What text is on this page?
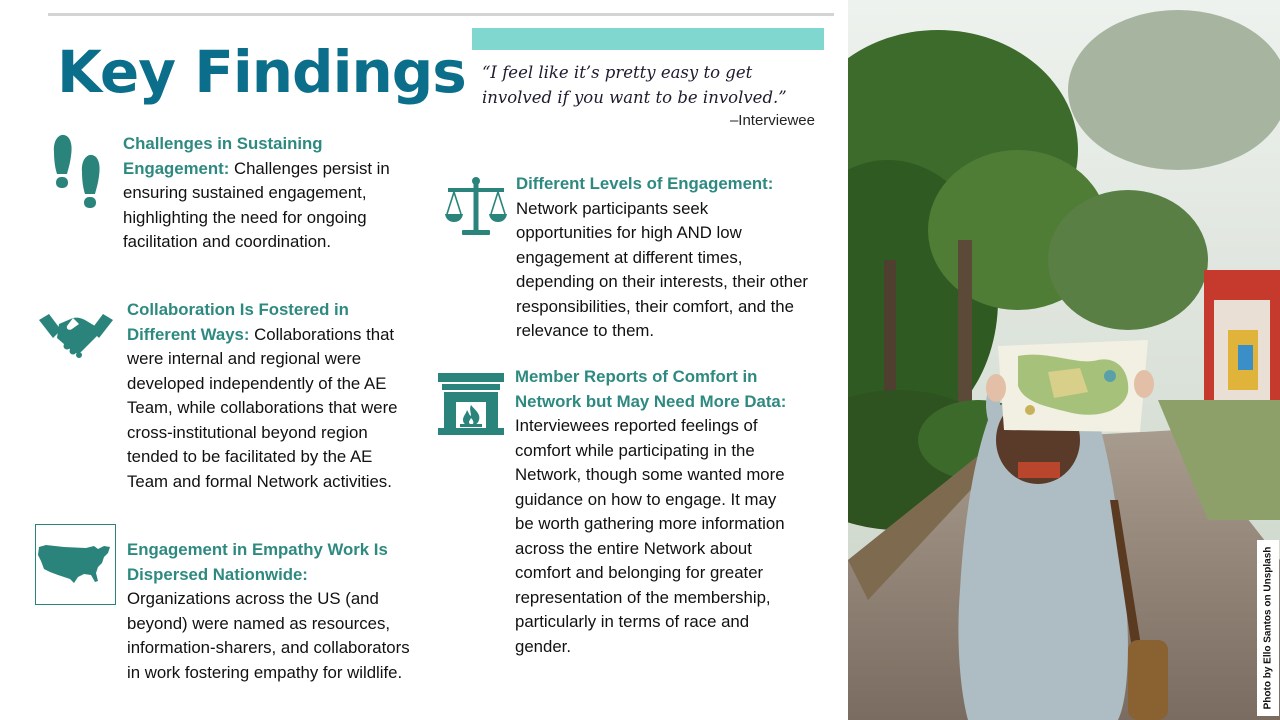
Key Findings “I feel like it’s pretty easy to get involved if you want to be involved.”
–Interviewee
Challenges in Sustaining Engagement: Challenges persist in ensuring sustained engagement, highlighting the need for ongoing facilitation and coordination.
Collaboration Is Fostered in Different Ways: Collaborations that were internal and regional were developed independently of the AE Team, while collaborations that were cross-institutional beyond region tended to be facilitated by the AE Team and formal Network activities.
Engagement in Empathy Work Is Dispersed Nationwide: Organizations across the US (and beyond) were named as resources, information-sharers, and collaborators in work fostering empathy for wildlife.
Different Levels of Engagement: Network participants seek opportunities for high AND low engagement at different times, depending on their interests, their other responsibilities, their comfort, and the relevance to them.
Member Reports of Comfort in Network but May Need More Data: Interviewees reported feelings of comfort while participating in the Network, though some wanted more guidance on how to engage. It may be worth gathering more information across the entire Network about comfort and belonging for greater representation of the membership, particularly in terms of race and gender.	Photo by Ello Santos on Unsplash
